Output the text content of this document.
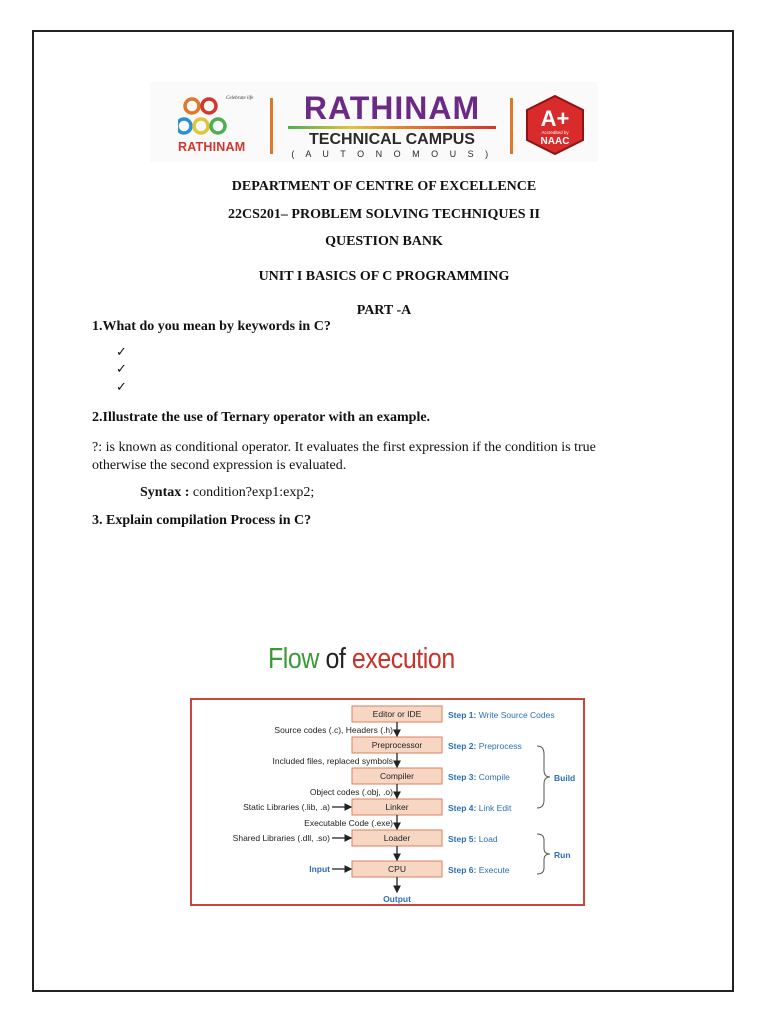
Celebrate life
RATHINAM
RATHINAM
TECHNICAL CAMPUS
( A U T O N O M O U S )
A+
Accredited by
NAAC
DEPARTMENT OF CENTRE OF EXCELLENCE
22CS201– PROBLEM SOLVING TECHNIQUES II
QUESTION BANK
UNIT I BASICS OF C PROGRAMMING
PART -A
1.What do you mean by keywords in C?
✓
✓
✓
2.Illustrate the use of Ternary operator with an example.
?: is known as conditional operator. It evaluates the first expression if the condition is true
otherwise the second expression is evaluated.
Syntax : condition?exp1:exp2;
3. Explain compilation Process in C?
Flow of execution
Editor or IDE
Preprocessor
Compiler
Linker
Loader
CPU
Source codes (.c), Headers (.h)
Included files, replaced symbols
Object codes (.obj, .o)
Executable Code (.exe)
Static Libraries (.lib, .a)
Shared Libraries (.dll, .so)
Input
Output
Step 1: Write Source Codes
Step 2: Preprocess
Step 3: Compile
Step 4: Link Edit
Step 5: Load
Step 6: Execute
Build
Run
